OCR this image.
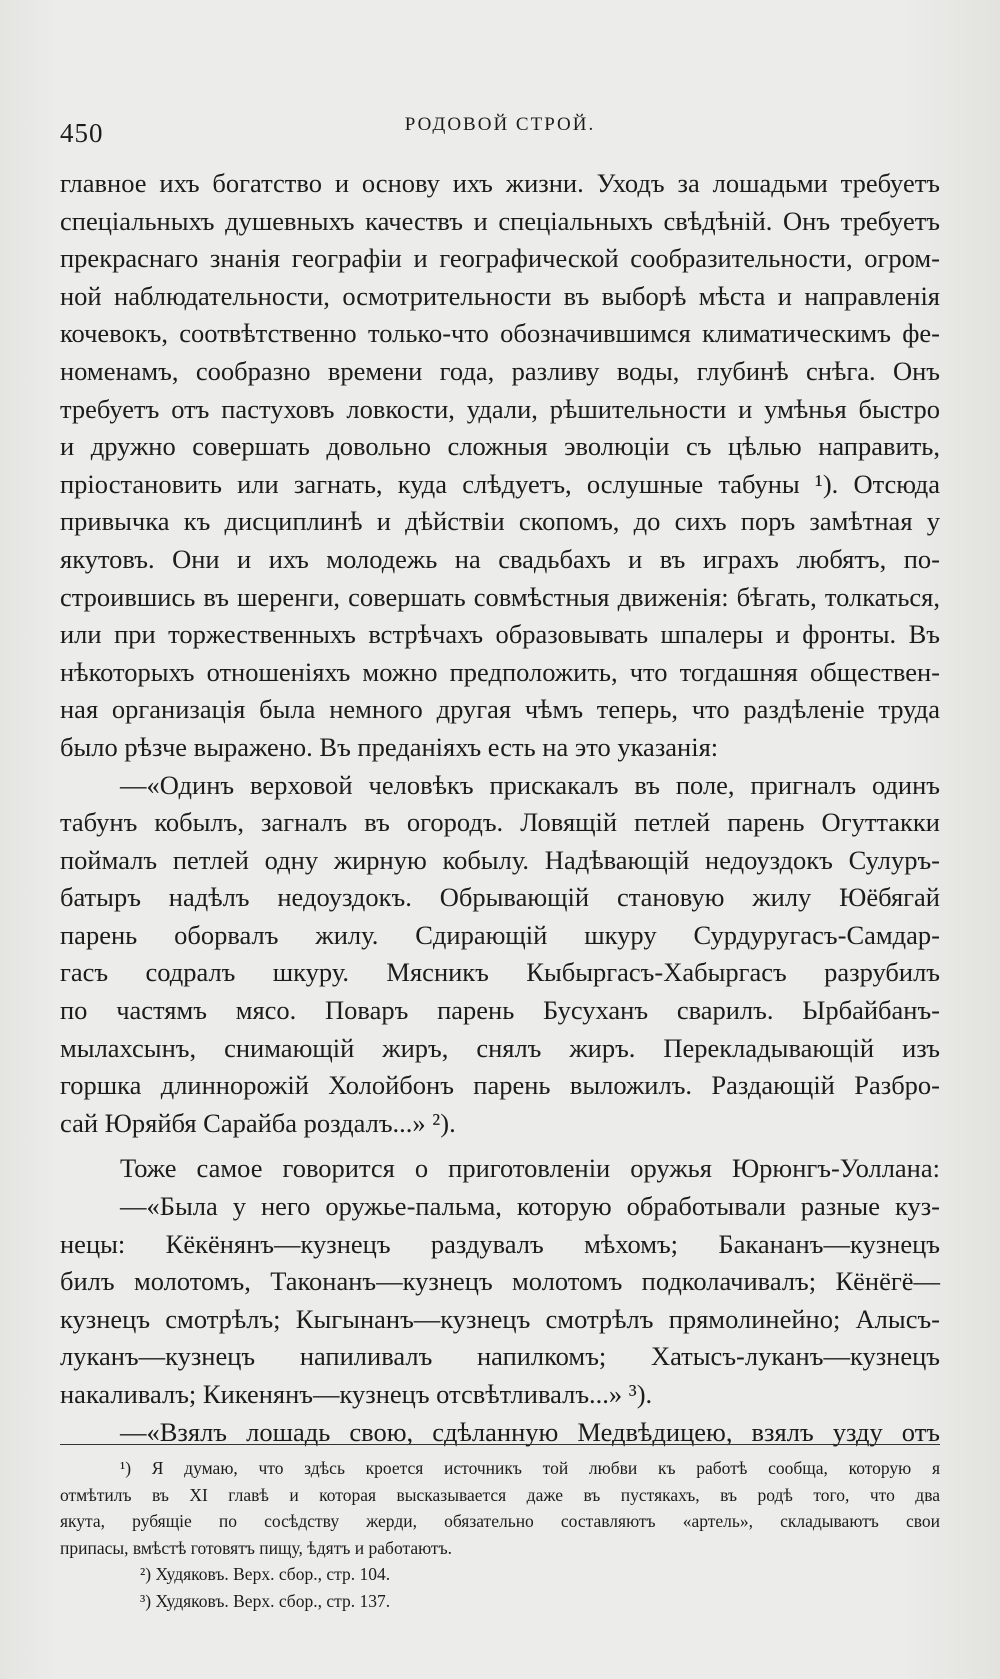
450	РОДОВОЙ СТРОЙ.
главное ихъ богатство и основу ихъ жизни. Уходъ за лошадьми требуетъ
спеціальныхъ душевныхъ качествъ и спеціальныхъ свѣдѣній. Онъ требуетъ
прекраснаго знанія географіи и географической сообразительности, огром-
ной наблюдательности, осмотрительности въ выборѣ мѣста и направленія
кочевокъ, соотвѣтственно только-что обозначившимся климатическимъ фе-
номенамъ, сообразно времени года, разливу воды, глубинѣ снѣга. Онъ
требуетъ отъ пастуховъ ловкости, удали, рѣшительности и умѣнья быстро
и дружно совершать довольно сложныя эволюціи съ цѣлью направить,
пріостановить или загнать, куда слѣдуетъ, ослушные табуны ¹). Отсюда
привычка къ дисциплинѣ и дѣйствіи скопомъ, до сихъ поръ замѣтная у
якутовъ. Они и ихъ молодежь на свадьбахъ и въ играхъ любятъ, по-
строившись въ шеренги, совершать совмѣстныя движенія: бѣгать, толкаться,
или при торжественныхъ встрѣчахъ образовывать шпалеры и фронты. Въ
нѣкоторыхъ отношеніяхъ можно предположить, что тогдашняя обществен-
ная организація была немного другая чѣмъ теперь, что раздѣленіе труда
было рѣзче выражено. Въ преданіяхъ есть на это указанія:
—«Одинъ верховой человѣкъ прискакалъ въ поле, пригналъ одинъ
табунъ кобылъ, загналъ въ огородъ. Ловящій петлей парень Огуттакки
поймалъ петлей одну жирную кобылу. Надѣвающій недоуздокъ Сулуръ-
батыръ надѣлъ недоуздокъ. Обрывающій становую жилу Юёбягай
парень оборвалъ жилу. Сдирающій шкуру Сурдуругасъ-Самдар-
гасъ содралъ шкуру. Мясникъ Кыбыргасъ-Хабыргасъ разрубилъ
по частямъ мясо. Поваръ парень Бусуханъ сварилъ. Ырбайбанъ-
мылахсынъ, снимающій жиръ, снялъ жиръ. Перекладывающій изъ
горшка длиннорожій Холойбонъ парень выложилъ. Раздающій Разбро-
сай Юряйбя Сарайба роздалъ...» ²).
Тоже самое говорится о приготовленіи оружья Юрюнгъ-Уоллана:
—«Была у него оружье-пальма, которую обработывали разные куз-
нецы: Кёкёнянъ—кузнецъ раздувалъ мѣхомъ; Бакананъ—кузнецъ
билъ молотомъ, Таконанъ—кузнецъ молотомъ подколачивалъ; Кёнёгё—
кузнецъ смотрѣлъ; Кыгынанъ—кузнецъ смотрѣлъ прямолинейно; Алысъ-
луканъ—кузнецъ напиливалъ напилкомъ; Хатысъ-луканъ—кузнецъ
накаливалъ; Кикенянъ—кузнецъ отсвѣтливалъ...» ³).
—«Взялъ лошадь свою, сдѣланную Медвѣдицею, взялъ узду отъ
¹) Я думаю, что здѣсь кроется источникъ той любви къ работѣ сообща, которую я
отмѣтилъ въ XI главѣ и которая высказывается даже въ пустякахъ, въ родѣ того, что два
якута, рубящіе по сосѣдству жерди, обязательно составляютъ «артель», складываютъ свои
припасы, вмѣстѣ готовятъ пищу, ѣдятъ и работаютъ.
²) Худяковъ. Верх. сбор., стр. 104.
³) Худяковъ. Верх. сбор., стр. 137.
